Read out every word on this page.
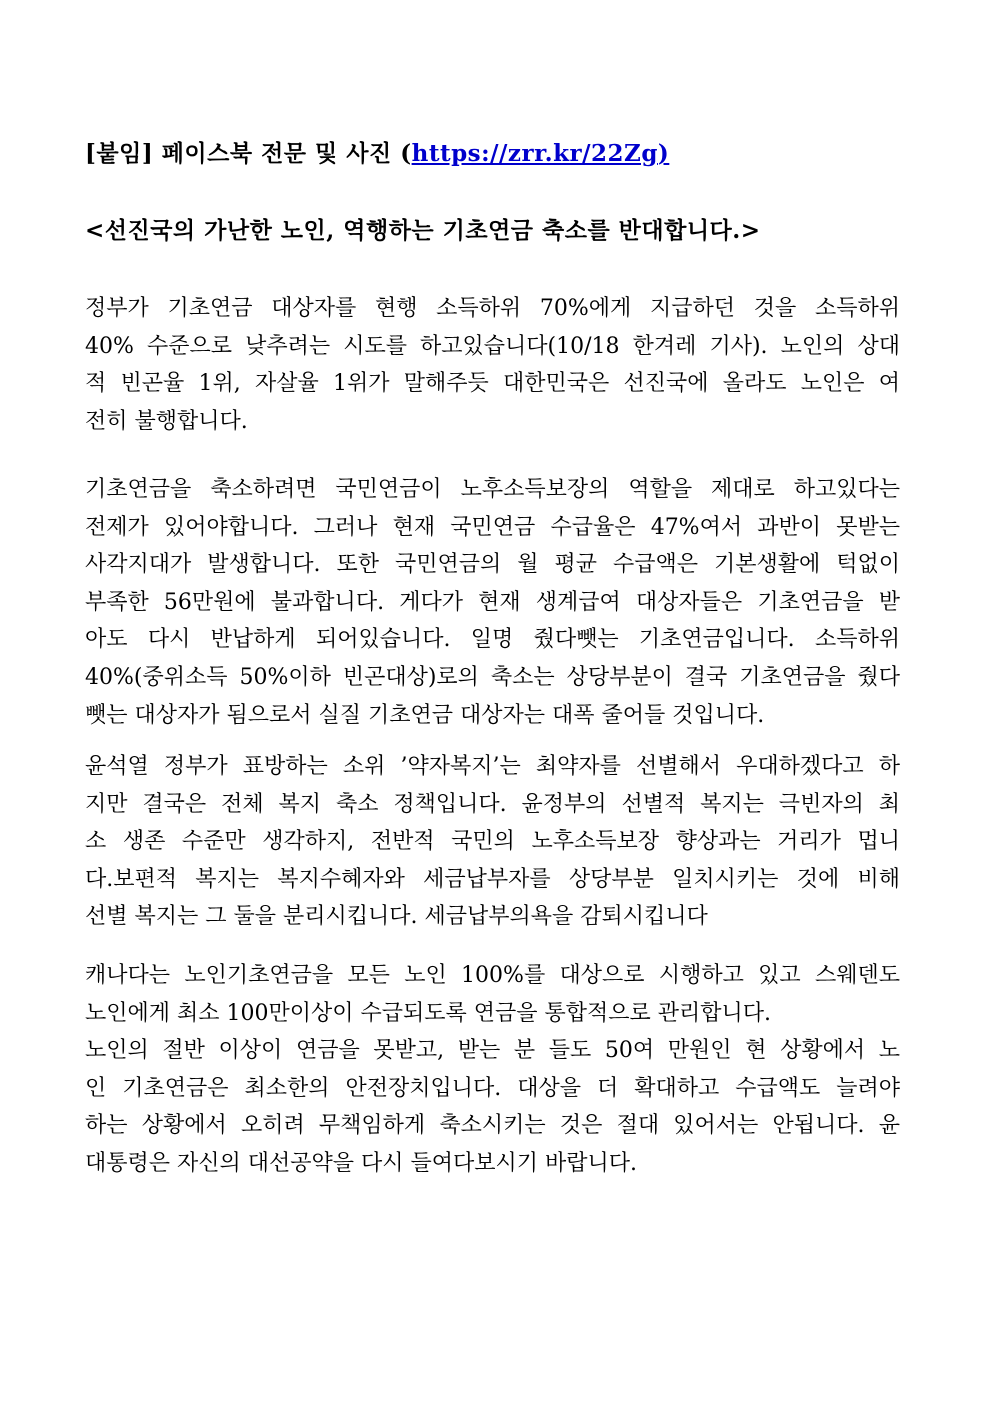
[붙임] 페이스북 전문 및 사진 (https://zrr.kr/22Zg)
<선진국의 가난한 노인, 역행하는 기초연금 축소를 반대합니다.>
정부가 기초연금 대상자를 현행 소득하위 70%에게 지급하던 것을 소득하위
40% 수준으로 낮추려는 시도를 하고있습니다(10/18 한겨레 기사). 노인의 상대
적 빈곤율 1위, 자살율 1위가 말해주듯 대한민국은 선진국에 올라도 노인은 여
전히 불행합니다.
기초연금을 축소하려면 국민연금이 노후소득보장의 역할을 제대로 하고있다는
전제가 있어야합니다. 그러나 현재 국민연금 수급율은 47%여서 과반이 못받는
사각지대가 발생합니다. 또한 국민연금의 월 평균 수급액은 기본생활에 턱없이
부족한 56만원에 불과합니다. 게다가 현재 생계급여 대상자들은 기초연금을 받
아도 다시 반납하게 되어있습니다. 일명 줬다뺏는 기초연금입니다. 소득하위
40%(중위소득 50%이하 빈곤대상)로의 축소는 상당부분이 결국 기초연금을 줬다
뺏는 대상자가 됨으로서 실질 기초연금 대상자는 대폭 줄어들 것입니다.
윤석열 정부가 표방하는 소위 ’약자복지’는 최약자를 선별해서 우대하겠다고 하
지만 결국은 전체 복지 축소 정책입니다. 윤정부의 선별적 복지는 극빈자의 최
소 생존 수준만 생각하지, 전반적 국민의 노후소득보장 향상과는 거리가 멉니
다.보편적 복지는 복지수혜자와 세금납부자를 상당부분 일치시키는 것에 비해
선별 복지는 그 둘을 분리시킵니다. 세금납부의욕을 감퇴시킵니다
캐나다는 노인기초연금을 모든 노인 100%를 대상으로 시행하고 있고 스웨덴도
노인에게 최소 100만이상이 수급되도록 연금을 통합적으로 관리합니다.
노인의 절반 이상이 연금을 못받고, 받는 분 들도 50여 만원인 현 상황에서 노
인 기초연금은 최소한의 안전장치입니다. 대상을 더 확대하고 수급액도 늘려야
하는 상황에서 오히려 무책임하게 축소시키는 것은 절대 있어서는 안됩니다. 윤
대통령은 자신의 대선공약을 다시 들여다보시기 바랍니다.
